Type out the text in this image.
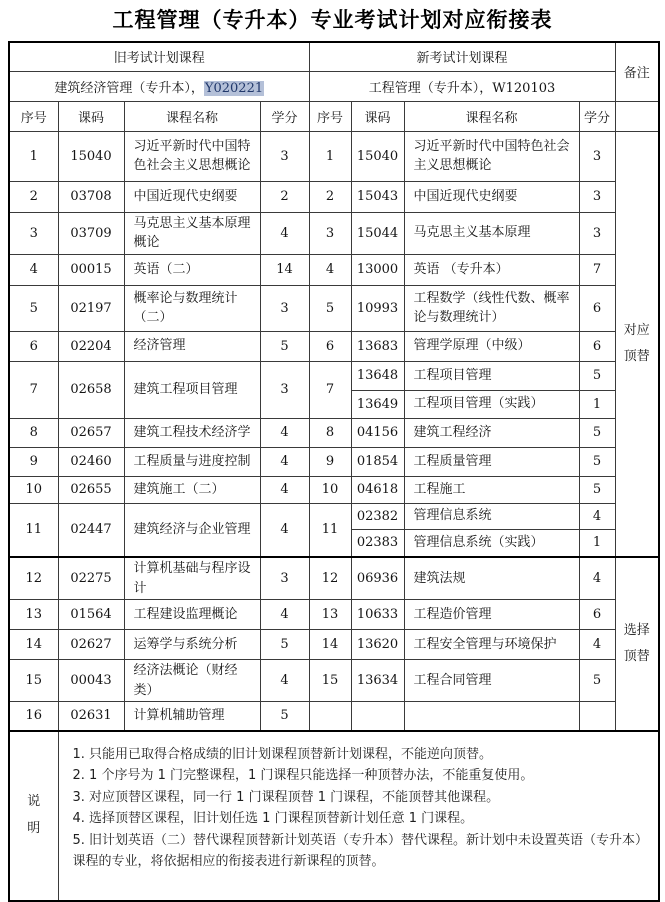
工程管理（专升本）专业考试计划对应衔接表
旧考试计划课程				新考试计划课程				备注
建筑经济管理（专升本），Y020221				工程管理（专升本），W120103				
序号	课码	课程名称	学分	序号	课码	课程名称	学分	
1	15040	习近平新时代中国特色社会主义思想概论	3	1	15040	习近平新时代中国特色社会主义思想概论	3	对应顶替

2	03708	中国近现代史纲要	2	2	15043	中国近现代史纲要	3	
3	03709	马克思主义基本原理概论	4	3	15044	马克思主义基本原理	3	
4	00015	英语（二）	14	4	13000	英语 （专升本）	7	
5	02197	概率论与数理统计（二）	3	5	10993	工程数学（线性代数、概率论与数理统计）	6	
6	02204	经济管理	5	6	13683	管理学原理（中级）	6	
7	02658	建筑工程项目管理	3	7	13648	工程项目管理	5	
					13649	工程项目管理（实践）	1	
8	02657	建筑工程技术经济学	4	8	04156	建筑工程经济	5	
9	02460	工程质量与进度控制	4	9	01854	工程质量管理	5	
10	02655	建筑施工（二）	4	10	04618	工程施工	5	
11	02447	建筑经济与企业管理	4	11	02382	管理信息系统	4	
					02383	管理信息系统（实践）	1	
12	02275	计算机基础与程序设计	3	12	06936	建筑法规	4	选择顶替

13	01564	工程建设监理概论	4	13	10633	工程造价管理	6	
14	02627	运筹学与系统分析	5	14	13620	工程安全管理与环境保护	4	
15	00043	经济法概论（财经类）	4	15	13634	工程合同管理	5	
16	02631	计算机辅助管理	5					

说明	1. 只能用已取得合格成绩的旧计划课程顶替新计划课程，不能逆向顶替。
2. 1 个序号为 1 门完整课程，1 门课程只能选择一种顶替办法，不能重复使用。
3. 对应顶替区课程，同一行 1 门课程顶替 1 门课程，不能顶替其他课程。
4. 选择顶替区课程，旧计划任选 1 门课程顶替新计划任意 1 门课程。
5. 旧计划英语（二）替代课程顶替新计划英语（专升本）替代课程。新计划中未设置英语（专升本）课程的专业，将依据相应的衔接表进行新课程的顶替。							
